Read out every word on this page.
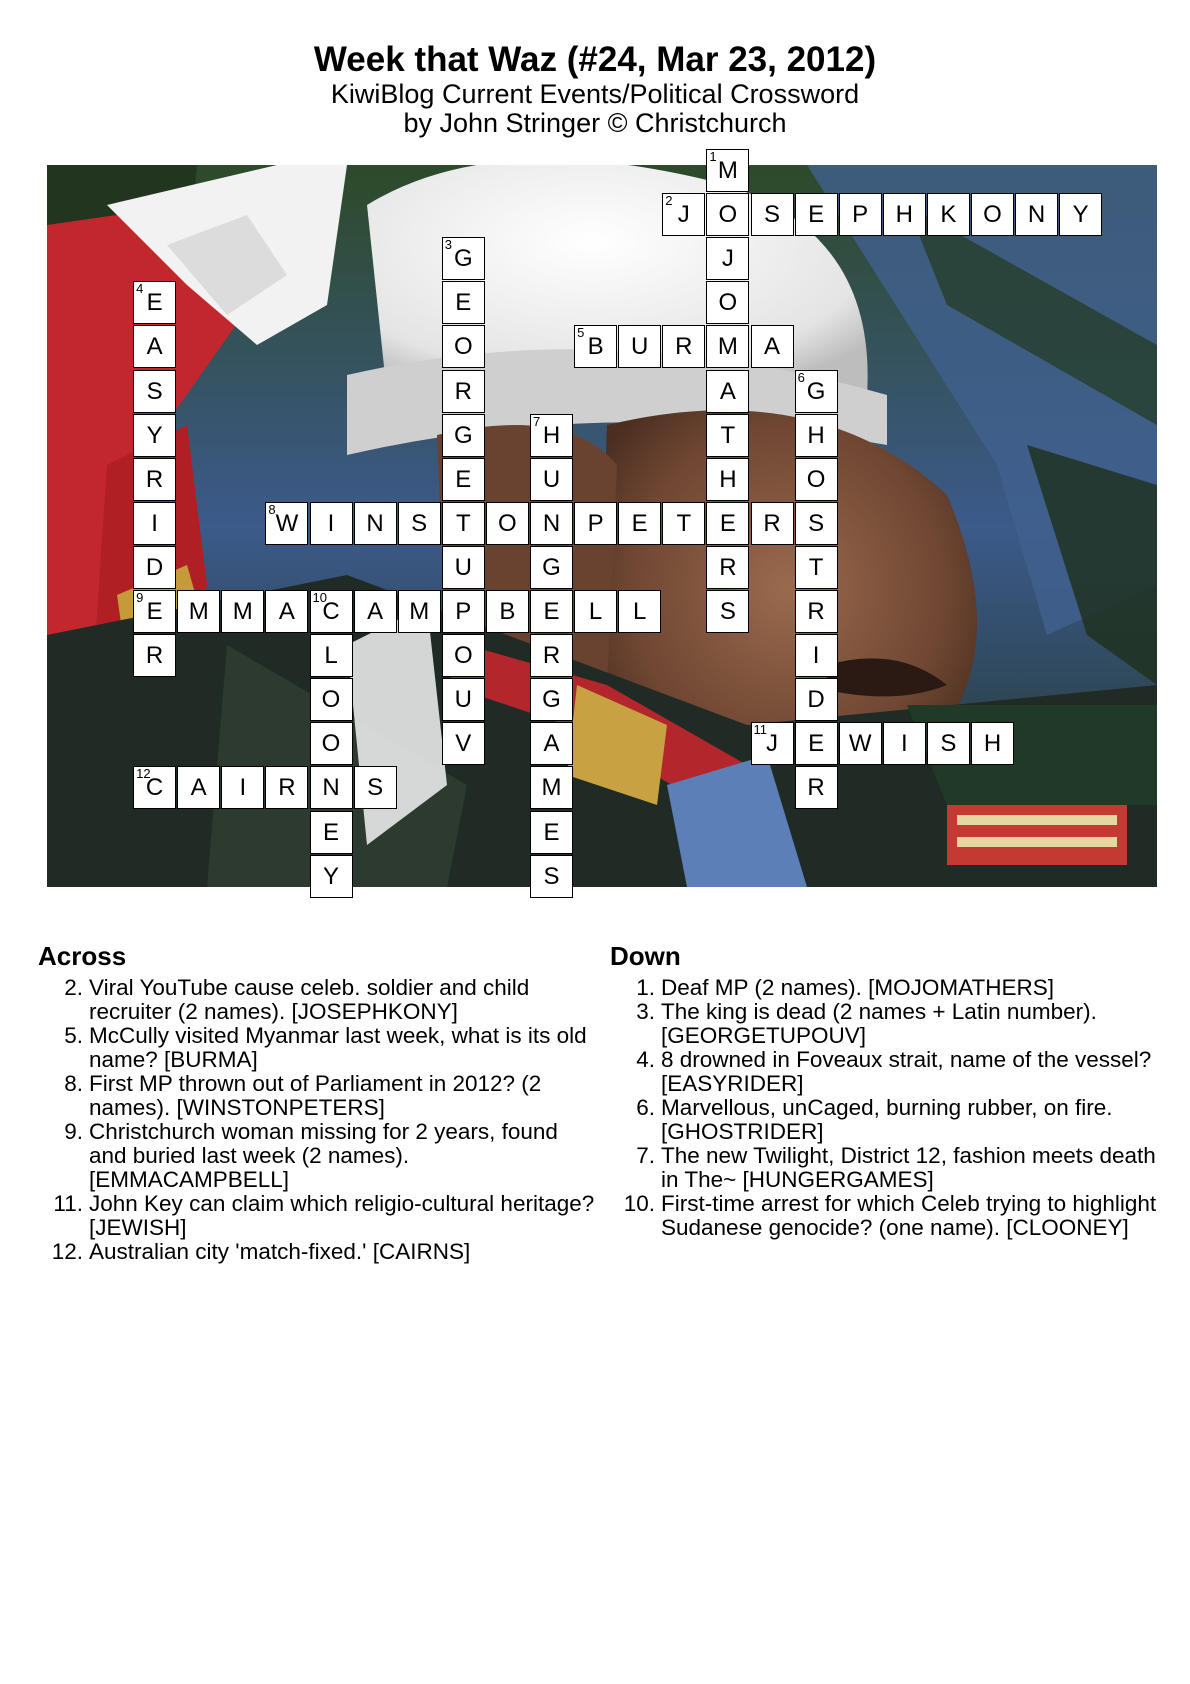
Week that Waz (#24, Mar 23, 2012)
KiwiBlog Current Events/Political Crossword
by John Stringer © Christchurch
1
M
2
J	O	S	E	P	H	K	O	N	Y
3
G	J
4
E	E	O
A	O
5
B	U	R	M	A
S	R	A
6
G
Y	G
7
H	T	H
R	E	U	H	O
I
8
W	I	N	S	T	O	N	P	E	T	E	R	S
D	U	G	R	T
9
E	M	M	A
10
C	A	M	P	B	E	L	L	S	R
R	L	O	R	I
O	U	G	D
O	V	A
11
J	E	W	I	S	H
12
C	A	I	R	N	S	M	R
E	E
Y	S
Across
2. Viral YouTube cause celeb. soldier and child recruiter (2 names). [JOSEPHKONY]
5. McCully visited Myanmar last week, what is its old name? [BURMA]
8. First MP thrown out of Parliament in 2012? (2 names). [WINSTONPETERS]
9. Christchurch woman missing for 2 years, found and buried last week (2 names). [EMMACAMPBELL]
11. John Key can claim which religio-cultural heritage? [JEWISH]
12. Australian city 'match-fixed.' [CAIRNS]
Down
1. Deaf MP (2 names). [MOJOMATHERS]
3. The king is dead (2 names + Latin number). [GEORGETUPOUV]
4. 8 drowned in Foveaux strait, name of the vessel? [EASYRIDER]
6. Marvellous, unCaged, burning rubber, on fire. [GHOSTRIDER]
7. The new Twilight, District 12, fashion meets death in The~ [HUNGERGAMES]
10. First-time arrest for which Celeb trying to highlight Sudanese genocide? (one name). [CLOONEY]
